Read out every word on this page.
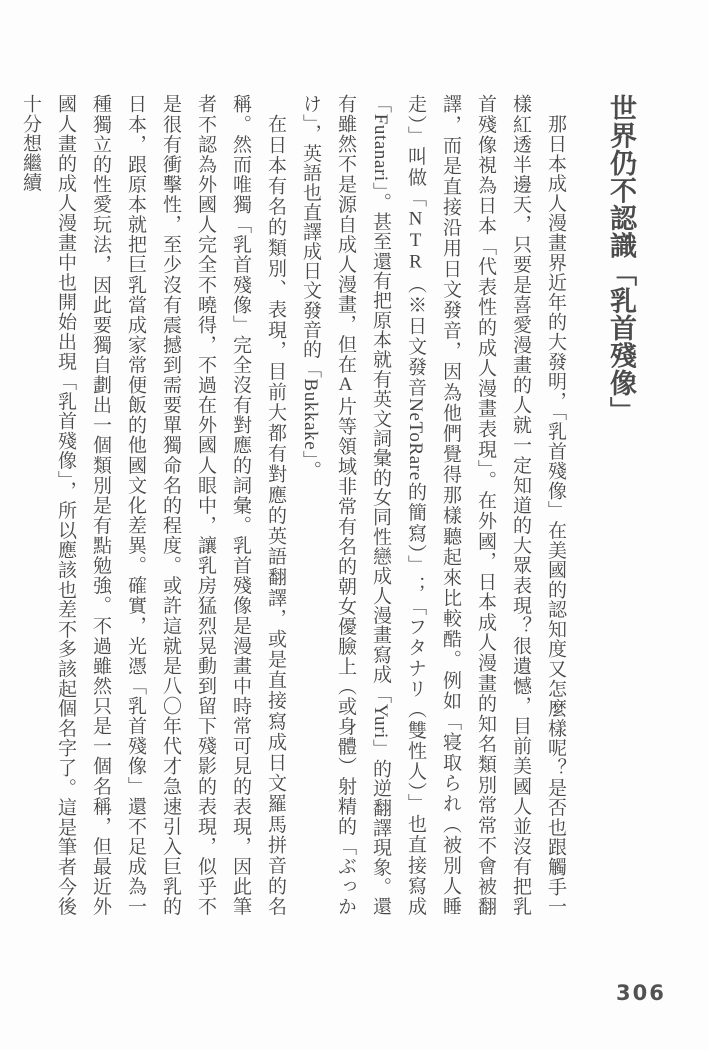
世界仍不認識「乳首殘像」

那日本成人漫畫界近年的大發明，「乳首殘像」在美國的認知度又怎麼樣呢？是否也跟觸手一樣紅透半邊天，只要是喜愛漫畫的人就一定知道的大眾表現？很遺憾，目前美國人並沒有把乳首殘像視為日本「代表性的成人漫畫表現」。在外國，日本成人漫畫的知名類別常常不會被翻譯，而是直接沿用日文發音，因為他們覺得那樣聽起來比較酷。例如「寝取られ（被別人睡走）」叫做「NTR（※日文發音NeToRare的簡寫）」；「フタナリ（雙性人）」也直接寫成「Futanari」。甚至還有把原本就有英文詞彙的女同性戀成人漫畫寫成「Yuri」的逆翻譯現象。還有雖然不是源自成人漫畫，但在A片等領域非常有名的朝女優臉上（或身體）射精的「ぶっかけ」，英語也直譯成日文發音的「Bukkake」。

在日本有名的類別、表現，目前大都有對應的英語翻譯，或是直接寫成日文羅馬拼音的名稱。然而唯獨「乳首殘像」完全沒有對應的詞彙。乳首殘像是漫畫中時常可見的表現，因此筆者不認為外國人完全不曉得，不過在外國人眼中，讓乳房猛烈晃動到留下殘影的表現，似乎不是很有衝擊性，至少沒有震撼到需要單獨命名的程度。或許這就是八〇年代才急速引入巨乳的日本，跟原本就把巨乳當成家常便飯的他國文化差異。確實，光憑「乳首殘像」還不足成為一種獨立的性愛玩法，因此要獨自劃出一個類別是有點勉強。不過雖然只是一個名稱，但最近外國人畫的成人漫畫中也開始出現「乳首殘像」，所以應該也差不多該起個名字了。這是筆者今後十分想繼續

306
